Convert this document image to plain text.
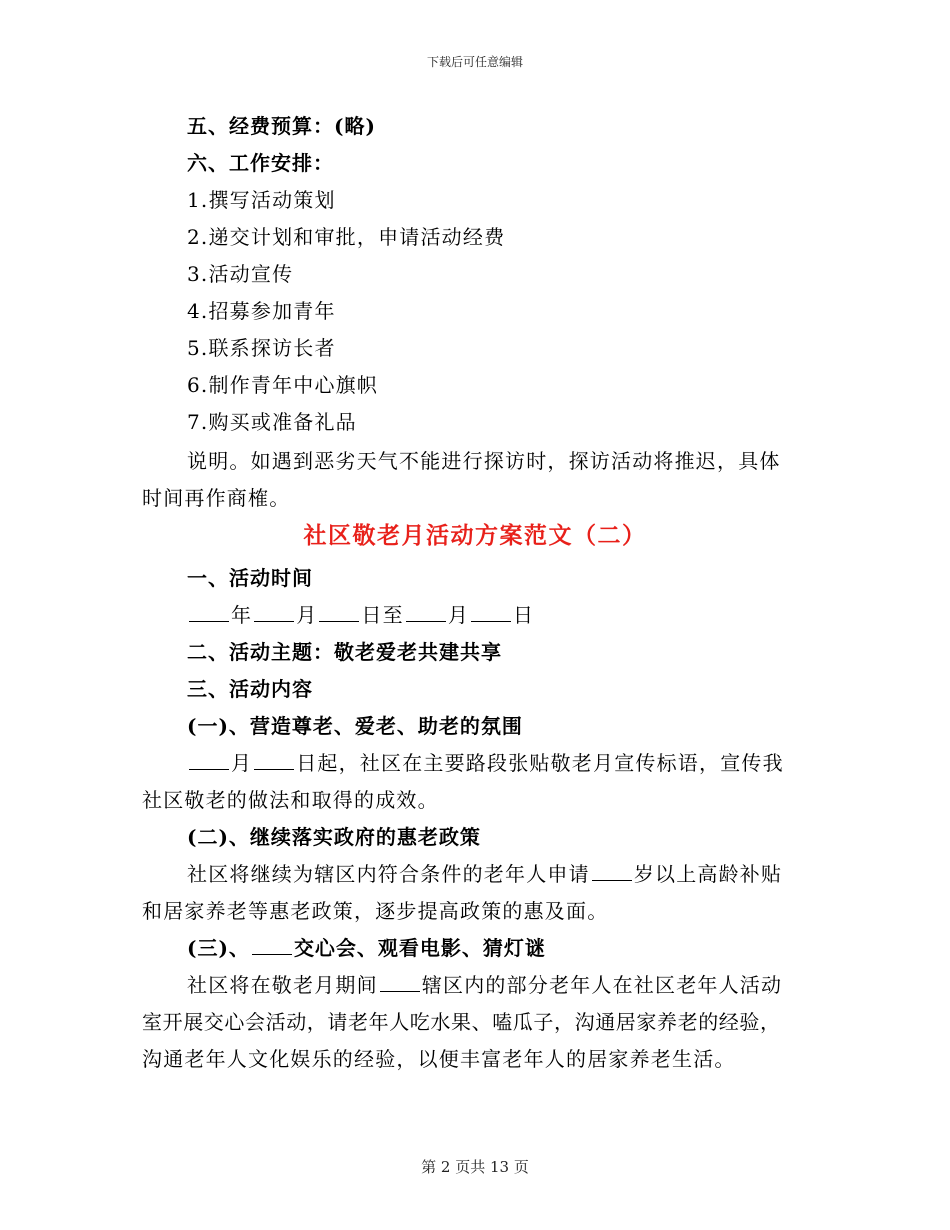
下载后可任意编辑
五、经费预算：(略)
六、工作安排：
1.撰写活动策划
2.递交计划和审批，申请活动经费
3.活动宣传
4.招募参加青年
5.联系探访长者
6.制作青年中心旗帜
7.购买或准备礼品
说明。如遇到恶劣天气不能进行探访时，探访活动将推迟，具体
时间再作商榷。
社区敬老月活动方案范文（二）
一、活动时间
年 月 日至 月 日
二、活动主题：敬老爱老共建共享
三、活动内容
(一)、营造尊老、爱老、助老的氛围
月 日起，社区在主要路段张贴敬老月宣传标语，宣传我
社区敬老的做法和取得的成效。
(二)、继续落实政府的惠老政策
社区将继续为辖区内符合条件的老年人申请 岁以上高龄补贴
和居家养老等惠老政策，逐步提高政策的惠及面。
(三)、 交心会、观看电影、猜灯谜
社区将在敬老月期间 辖区内的部分老年人在社区老年人活动
室开展交心会活动，请老年人吃水果、嗑瓜子，沟通居家养老的经验，
沟通老年人文化娱乐的经验，以便丰富老年人的居家养老生活。
第 2 页共 13 页
